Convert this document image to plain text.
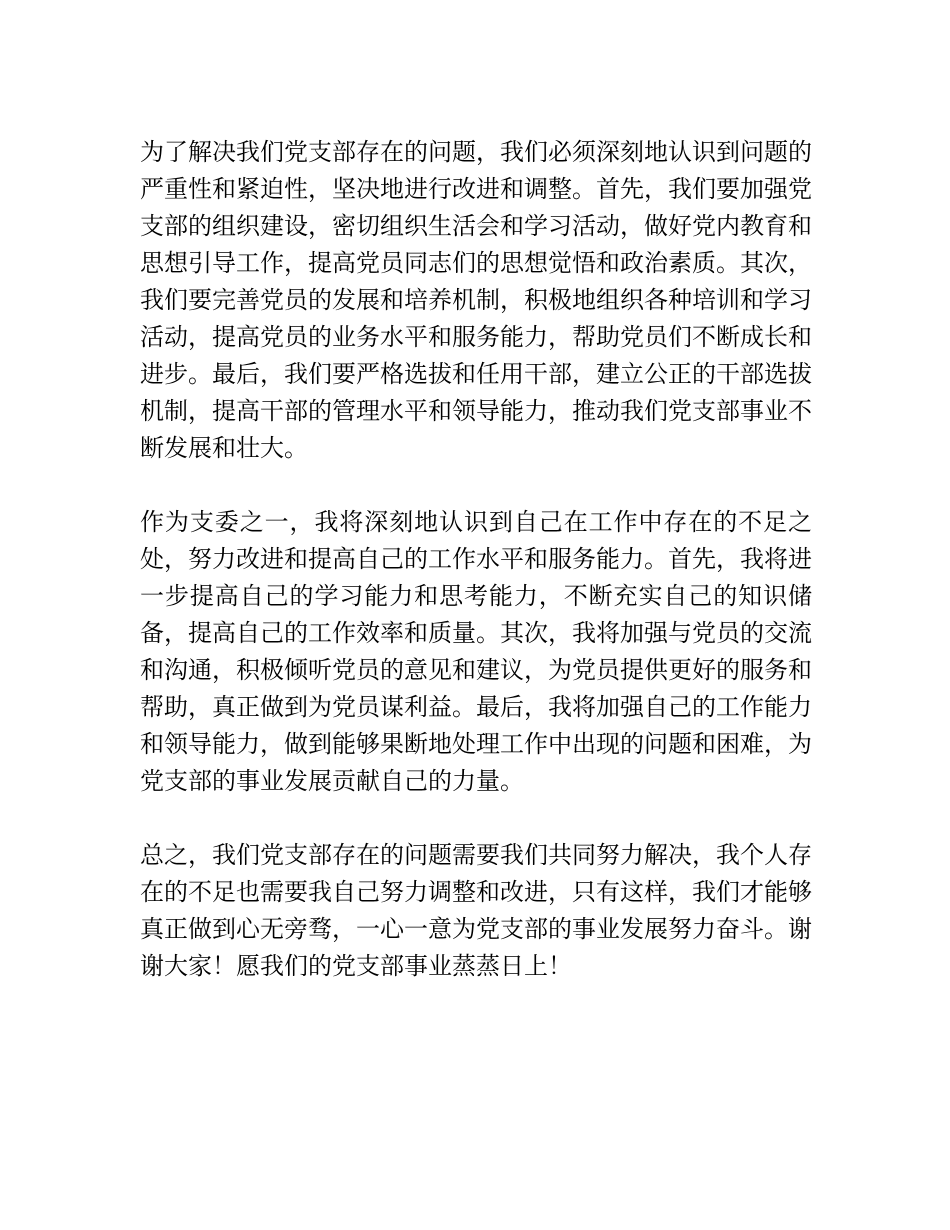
为了解决我们党支部存在的问题，我们必须深刻地认识到问题的严重性和紧迫性，坚决地进行改进和调整。首先，我们要加强党支部的组织建设，密切组织生活会和学习活动，做好党内教育和思想引导工作，提高党员同志们的思想觉悟和政治素质。其次，我们要完善党员的发展和培养机制，积极地组织各种培训和学习活动，提高党员的业务水平和服务能力，帮助党员们不断成长和进步。最后，我们要严格选拔和任用干部，建立公正的干部选拔机制，提高干部的管理水平和领导能力，推动我们党支部事业不断发展和壮大。

作为支委之一，我将深刻地认识到自己在工作中存在的不足之处，努力改进和提高自己的工作水平和服务能力。首先，我将进一步提高自己的学习能力和思考能力，不断充实自己的知识储备，提高自己的工作效率和质量。其次，我将加强与党员的交流和沟通，积极倾听党员的意见和建议，为党员提供更好的服务和帮助，真正做到为党员谋利益。最后，我将加强自己的工作能力和领导能力，做到能够果断地处理工作中出现的问题和困难，为党支部的事业发展贡献自己的力量。

总之，我们党支部存在的问题需要我们共同努力解决，我个人存在的不足也需要我自己努力调整和改进，只有这样，我们才能够真正做到心无旁骛，一心一意为党支部的事业发展努力奋斗。谢谢大家！愿我们的党支部事业蒸蒸日上！
